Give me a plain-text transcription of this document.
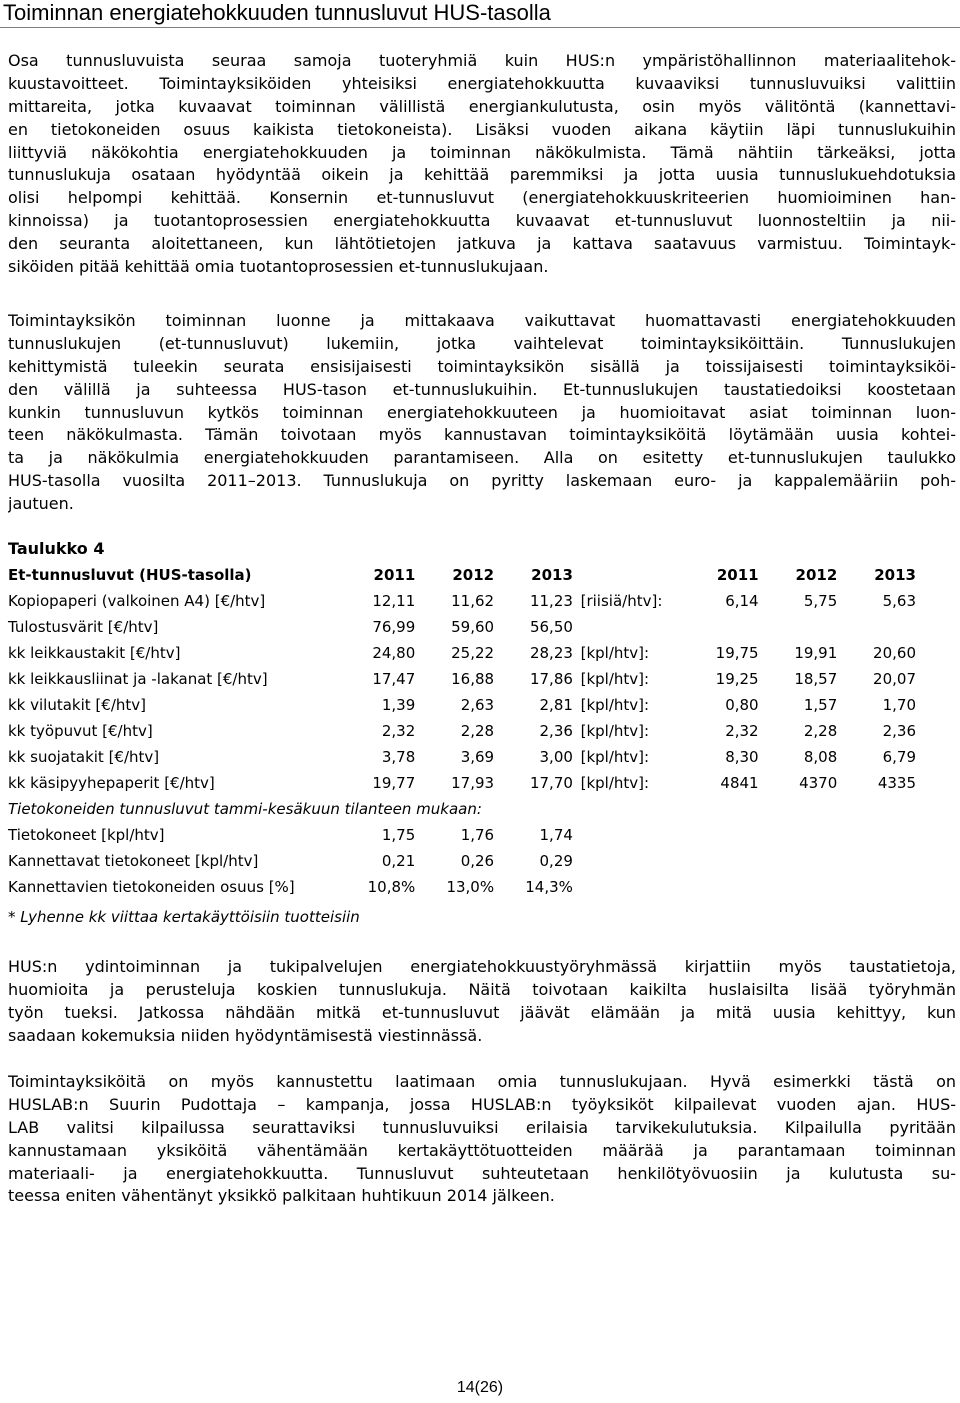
Toiminnan energiatehokkuuden tunnusluvut HUS-tasolla
Osa tunnusluvuista seuraa samoja tuoteryhmiä kuin HUS:n ympäristöhallinnon materiaalitehok-
kuustavoitteet. Toimintayksiköiden yhteisiksi energiatehokkuutta kuvaaviksi tunnusluvuiksi valittiin
mittareita, jotka kuvaavat toiminnan välillistä energiankulutusta, osin myös välitöntä (kannettavi-
en tietokoneiden osuus kaikista tietokoneista). Lisäksi vuoden aikana käytiin läpi tunnuslukuihin
liittyviä näkökohtia energiatehokkuuden ja toiminnan näkökulmista. Tämä nähtiin tärkeäksi, jotta
tunnuslukuja osataan hyödyntää oikein ja kehittää paremmiksi ja jotta uusia tunnuslukuehdotuksia
olisi helpompi kehittää. Konsernin et-tunnusluvut (energiatehokkuuskriteerien huomioiminen han-
kinnoissa) ja tuotantoprosessien energiatehokkuutta kuvaavat et-tunnusluvut luonnosteltiin ja nii-
den seuranta aloitettaneen, kun lähtötietojen jatkuva ja kattava saatavuus varmistuu. Toimintayk-
siköiden pitää kehittää omia tuotantoprosessien et-tunnuslukujaan.
Toimintayksikön toiminnan luonne ja mittakaava vaikuttavat huomattavasti energiatehokkuuden
tunnuslukujen (et-tunnusluvut) lukemiin, jotka vaihtelevat toimintayksiköittäin. Tunnuslukujen
kehittymistä tuleekin seurata ensisijaisesti toimintayksikön sisällä ja toissijaisesti toimintayksiköi-
den välillä ja suhteessa HUS-tason et-tunnuslukuihin. Et-tunnuslukujen taustatiedoiksi koostetaan
kunkin tunnusluvun kytkös toiminnan energiatehokkuuteen ja huomioitavat asiat toiminnan luon-
teen näkökulmasta. Tämän toivotaan myös kannustavan toimintayksiköitä löytämään uusia kohtei-
ta ja näkökulmia energiatehokkuuden parantamiseen. Alla on esitetty et-tunnuslukujen taulukko
HUS-tasolla vuosilta 2011–2013. Tunnuslukuja on pyritty laskemaan euro- ja kappalemääriin poh-
jautuen.
Taulukko 4
Et-tunnusluvut (HUS-tasolla)	2011	2012	2013			2011	2012	2013
Kopiopaperi (valkoinen A4) [€/htv]	12,11	11,62	11,23		[riisiä/htv]:	6,14	5,75	5,63
Tulostusvärit [€/htv]	76,99	59,60	56,50					
kk leikkaustakit [€/htv]	24,80	25,22	28,23		[kpl/htv]:	19,75	19,91	20,60
kk leikkausliinat ja -lakanat [€/htv]	17,47	16,88	17,86		[kpl/htv]:	19,25	18,57	20,07
kk vilutakit [€/htv]	1,39	2,63	2,81		[kpl/htv]:	0,80	1,57	1,70
kk työpuvut [€/htv]	2,32	2,28	2,36		[kpl/htv]:	2,32	2,28	2,36
kk suojatakit [€/htv]	3,78	3,69	3,00		[kpl/htv]:	8,30	8,08	6,79
kk käsipyyhepaperit [€/htv]	19,77	17,93	17,70		[kpl/htv]:	4841	4370	4335
Tietokoneiden tunnusluvut tammi-kesäkuun tilanteen mukaan:								
Tietokoneet [kpl/htv]	1,75	1,76	1,74					
Kannettavat tietokoneet [kpl/htv]	0,21	0,26	0,29					
Kannettavien tietokoneiden osuus [%]	10,8%	13,0%	14,3%					
* Lyhenne kk viittaa kertakäyttöisiin tuotteisiin
HUS:n ydintoiminnan ja tukipalvelujen energiatehokkuustyöryhmässä kirjattiin myös taustatietoja,
huomioita ja perusteluja koskien tunnuslukuja. Näitä toivotaan kaikilta huslaisilta lisää työryhmän
työn tueksi. Jatkossa nähdään mitkä et-tunnusluvut jäävät elämään ja mitä uusia kehittyy, kun
saadaan kokemuksia niiden hyödyntämisestä viestinnässä.
Toimintayksiköitä on myös kannustettu laatimaan omia tunnuslukujaan. Hyvä esimerkki tästä on
HUSLAB:n Suurin Pudottaja – kampanja, jossa HUSLAB:n työyksiköt kilpailevat vuoden ajan. HUS-
LAB valitsi kilpailussa seurattaviksi tunnusluvuiksi erilaisia tarvikekulutuksia. Kilpailulla pyritään
kannustamaan yksiköitä vähentämään kertakäyttötuotteiden määrää ja parantamaan toiminnan
materiaali- ja energiatehokkuutta. Tunnusluvut suhteutetaan henkilötyövuosiin ja kulutusta su-
teessa eniten vähentänyt yksikkö palkitaan huhtikuun 2014 jälkeen.
14(26)
